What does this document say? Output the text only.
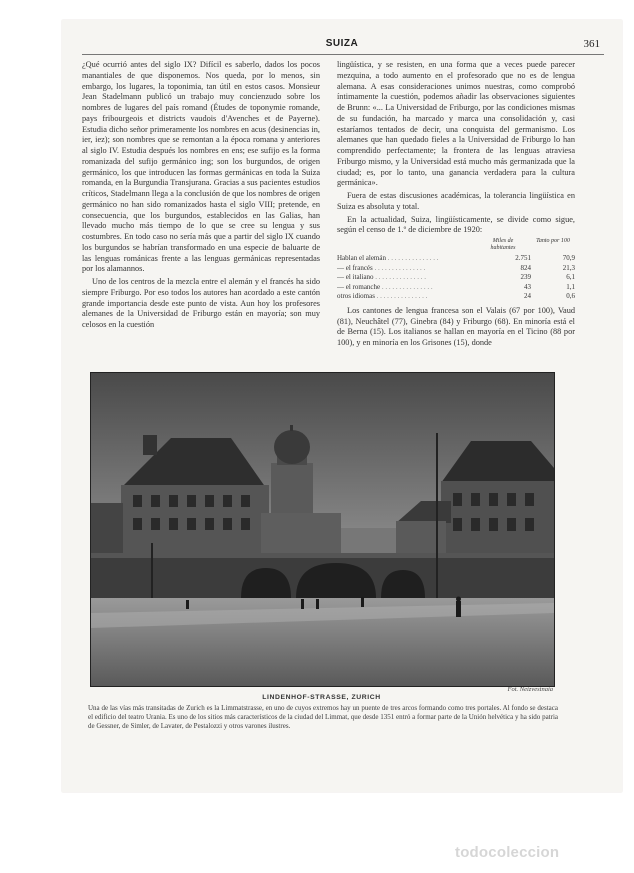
SUIZA	361

¿Qué ocurrió antes del siglo IX? Difícil es saberlo, dados los pocos manantiales de que disponemos. Nos queda, por lo menos, sin embargo, los lugares, la toponimia, tan útil en estos casos. Monsieur Jean Stadelmann publicó un trabajo muy concienzudo sobre los nombres de lugares del país romand (Études de toponymie romande, pays fribourgeois et districts vaudois d'Avenches et de Payerne). Estudia dicho señor primeramente los nombres en acus (desinencias in, ier, iez); son nombres que se remontan a la época romana y anteriores al siglo IV. Estudia después los nombres en ens; ese sufijo es la forma romanizada del sufijo germánico ing; son los burgundos, de origen germánico, los que introducen las formas germánicas en toda la Suiza romanda, en la Burgundia Transjurana. Gracias a sus pacientes estudios críticos, Stadelmann llega a la conclusión de que los nombres de origen germánico no han sido romanizados hasta el siglo VIII; pretende, en consecuencia, que los burgundos, establecidos en las Galias, han llevado mucho más tiempo de lo que se cree su lengua y sus costumbres. En todo caso no sería más que a partir del siglo IX cuando los burgundos se habrían transformado en una especie de baluarte de las lenguas románicas frente a las lenguas germánicas representadas por los alamannos.

Uno de los centros de la mezcla entre el alemán y el francés ha sido siempre Friburgo. Por eso todos los autores han acordado a este cantón grande importancia desde este punto de vista. Aun hoy los profesores alemanes de la Universidad de Friburgo están en mayoría; son muy celosos en la cuestión

lingüística, y se resisten, en una forma que a veces puede parecer mezquina, a todo aumento en el profesorado que no es de lengua alemana. A esas consideraciones unimos nuestras, como comprobó íntimamente la cuestión, podemos añadir las observaciones siguientes de Brunn: «... La Universidad de Friburgo, por las condiciones mismas de su fundación, ha marcado y marca una consolidación y, casi estaríamos tentados de decir, una conquista del germanismo. Los alemanes que han quedado fieles a la Universidad de Friburgo lo han comprendido perfectamente; la frontera de las lenguas atraviesa Friburgo mismo, y la Universidad está mucho más germanizada que la ciudad; es, por lo tanto, una ganancia verdadera para la cultura germánica».

Fuera de estas discusiones académicas, la tolerancia lingüística en Suiza es absoluta y total.

En la actualidad, Suiza, lingüísticamente, se divide como sigue, según el censo de 1.º de diciembre de 1920:

Miles de habitantes
Tanto por 100
Hablan el alemán . . .	2.751	70,9
— el francés . . .	824	21,3
— el italiano . . .	239	6,1
— el romanche . . .	43	1,1
otros idiomas . . .	24	0,6

Los cantones de lengua francesa son el Valais (67 por 100), Vaud (81), Neuchâtel (77), Ginebra (84) y Friburgo (68). En minoría está el de Berna (15). Los italianos se hallan en mayoría en el Ticino (88 por 100), y en minoría en los Grisones (15), donde

Fot. Neizvestnaia
LINDENHOF-STRASSE, ZURICH
Una de las vías más transitadas de Zurich es la Limmatstrasse, en uno de cuyos extremos hay un puente de tres arcos formando como tres portales. Al fondo se destaca el edificio del teatro Urania. Es uno de los sitios más característicos de la ciudad del Limmat, que desde 1351 entró a formar parte de la Unión helvética y ha sido patria de Gessner, de Simler, de Lavater, de Pestalozzi y otros varones ilustres.
todocoleccion
